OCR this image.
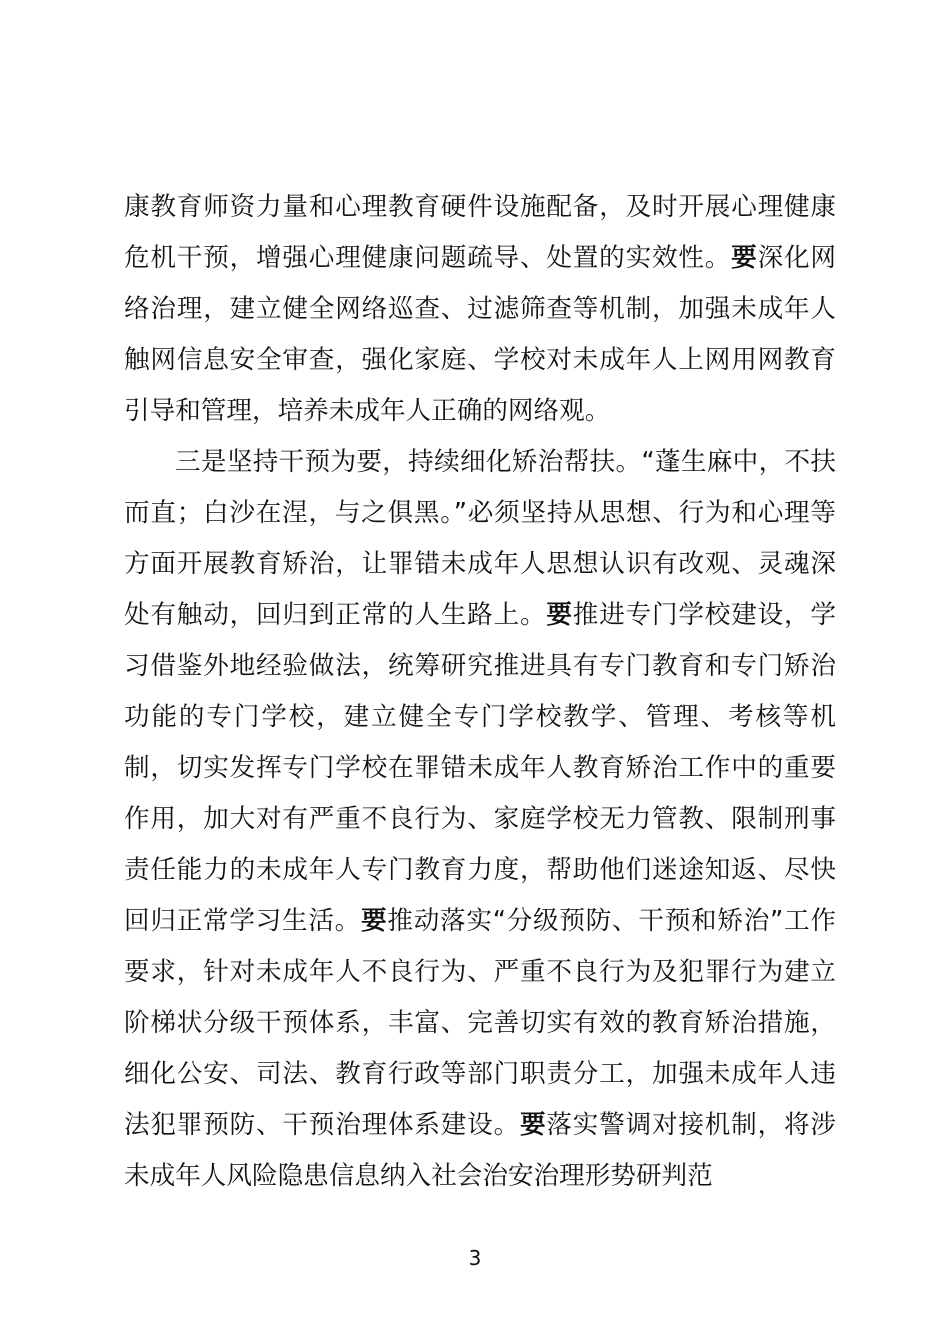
康教育师资力量和心理教育硬件设施配备，及时开展心理健康危机干预，增强心理健康问题疏导、处置的实效性。要深化网络治理，建立健全网络巡查、过滤筛查等机制，加强未成年人触网信息安全审查，强化家庭、学校对未成年人上网用网教育引导和管理，培养未成年人正确的网络观。

三是坚持干预为要，持续细化矫治帮扶。“蓬生麻中，不扶而直；白沙在涅，与之俱黑。”必须坚持从思想、行为和心理等方面开展教育矫治，让罪错未成年人思想认识有改观、灵魂深处有触动，回归到正常的人生路上。要推进专门学校建设，学习借鉴外地经验做法，统筹研究推进具有专门教育和专门矫治功能的专门学校，建立健全专门学校教学、管理、考核等机制，切实发挥专门学校在罪错未成年人教育矫治工作中的重要作用，加大对有严重不良行为、家庭学校无力管教、限制刑事责任能力的未成年人专门教育力度，帮助他们迷途知返、尽快回归正常学习生活。要推动落实“分级预防、干预和矫治”工作要求，针对未成年人不良行为、严重不良行为及犯罪行为建立阶梯状分级干预体系，丰富、完善切实有效的教育矫治措施，细化公安、司法、教育行政等部门职责分工，加强未成年人违法犯罪预防、干预治理体系建设。要落实警调对接机制，将涉未成年人风险隐患信息纳入社会治安治理形势研判范

3
